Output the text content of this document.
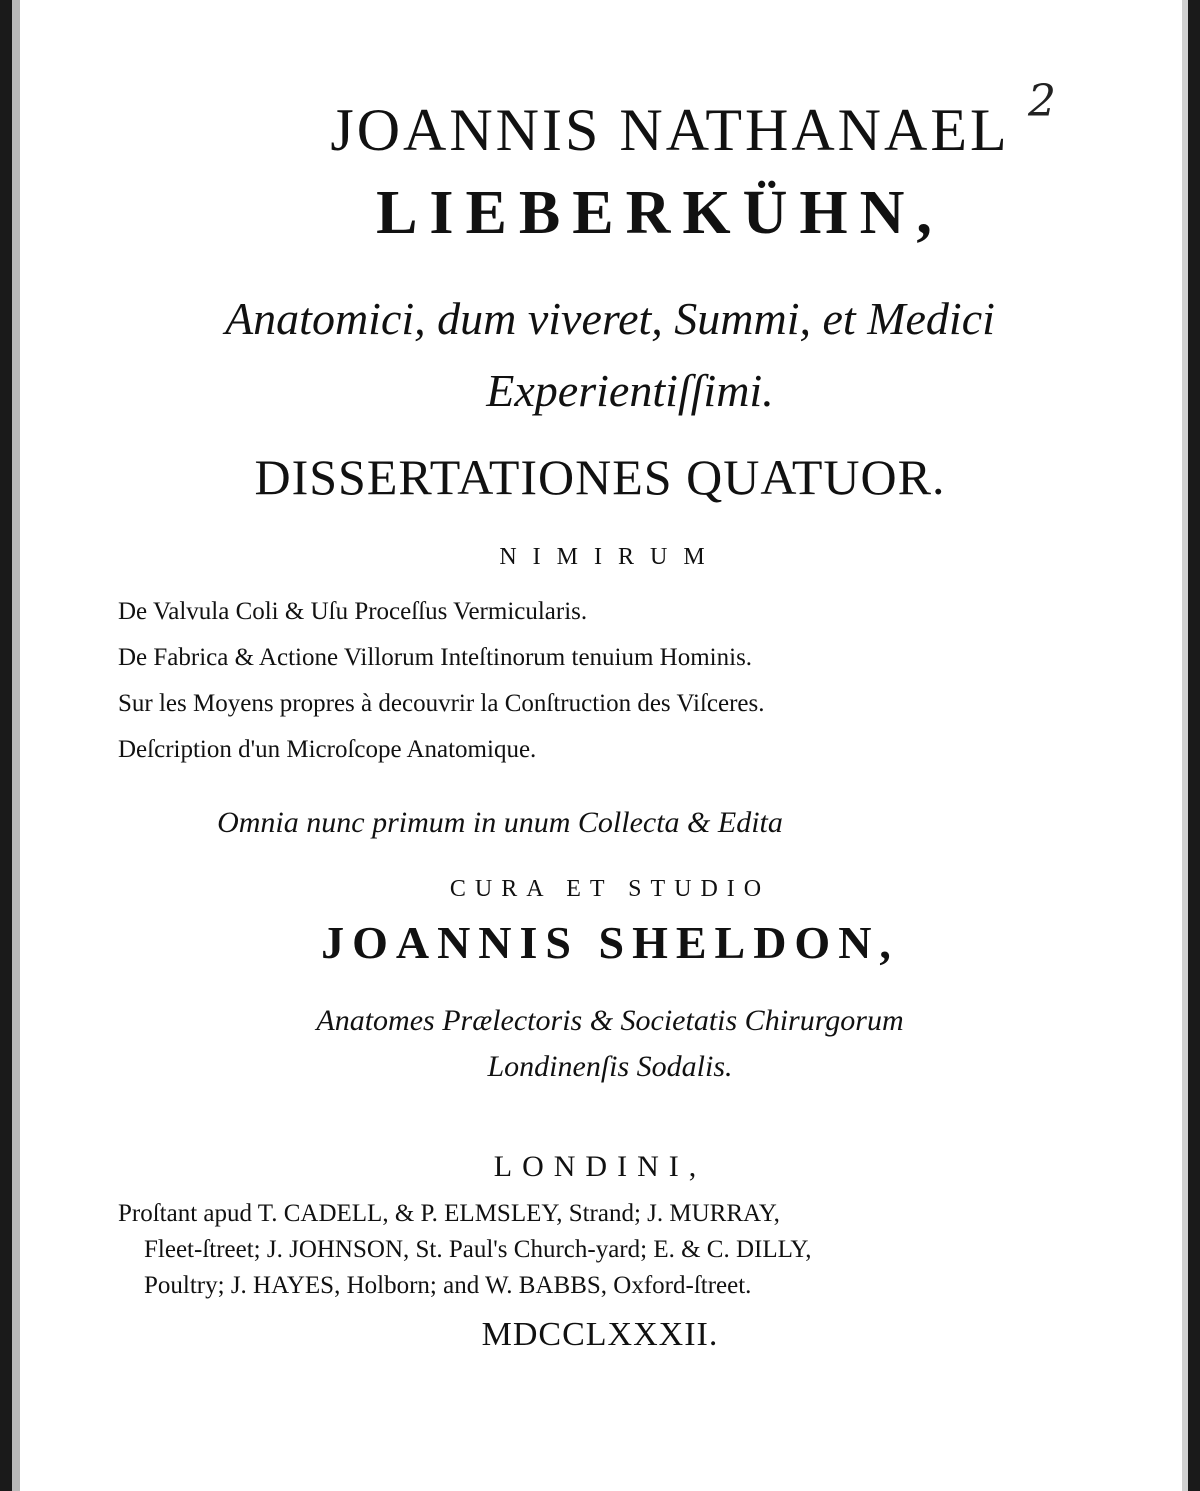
2
JOANNIS NATHANAEL
LIEBERKÜHN,
Anatomici, dum viveret, Summi, et Medici
Experientiſſimi.
DISSERTATIONES QUATUOR.
NIMIRUM
De Valvula Coli & Uſu Proceſſus Vermicularis.
De Fabrica & Actione Villorum Inteſtinorum tenuium Hominis.
Sur les Moyens propres à decouvrir la Conſtruction des Viſceres.
Deſcription d'un Microſcope Anatomique.
Omnia nunc primum in unum Collecta & Edita
CURA ET STUDIO
JOANNIS SHELDON,
Anatomes Prælectoris & Societatis Chirurgorum
Londinenſis Sodalis.
LONDINI,
Proſtant apud T. CADELL, & P. ELMSLEY, Strand; J. MURRAY,
Fleet-ſtreet; J. JOHNSON, St. Paul's Church-yard; E. & C. DILLY,
Poultry; J. HAYES, Holborn; and W. BABBS, Oxford-ſtreet.
MDCCLXXXII.
